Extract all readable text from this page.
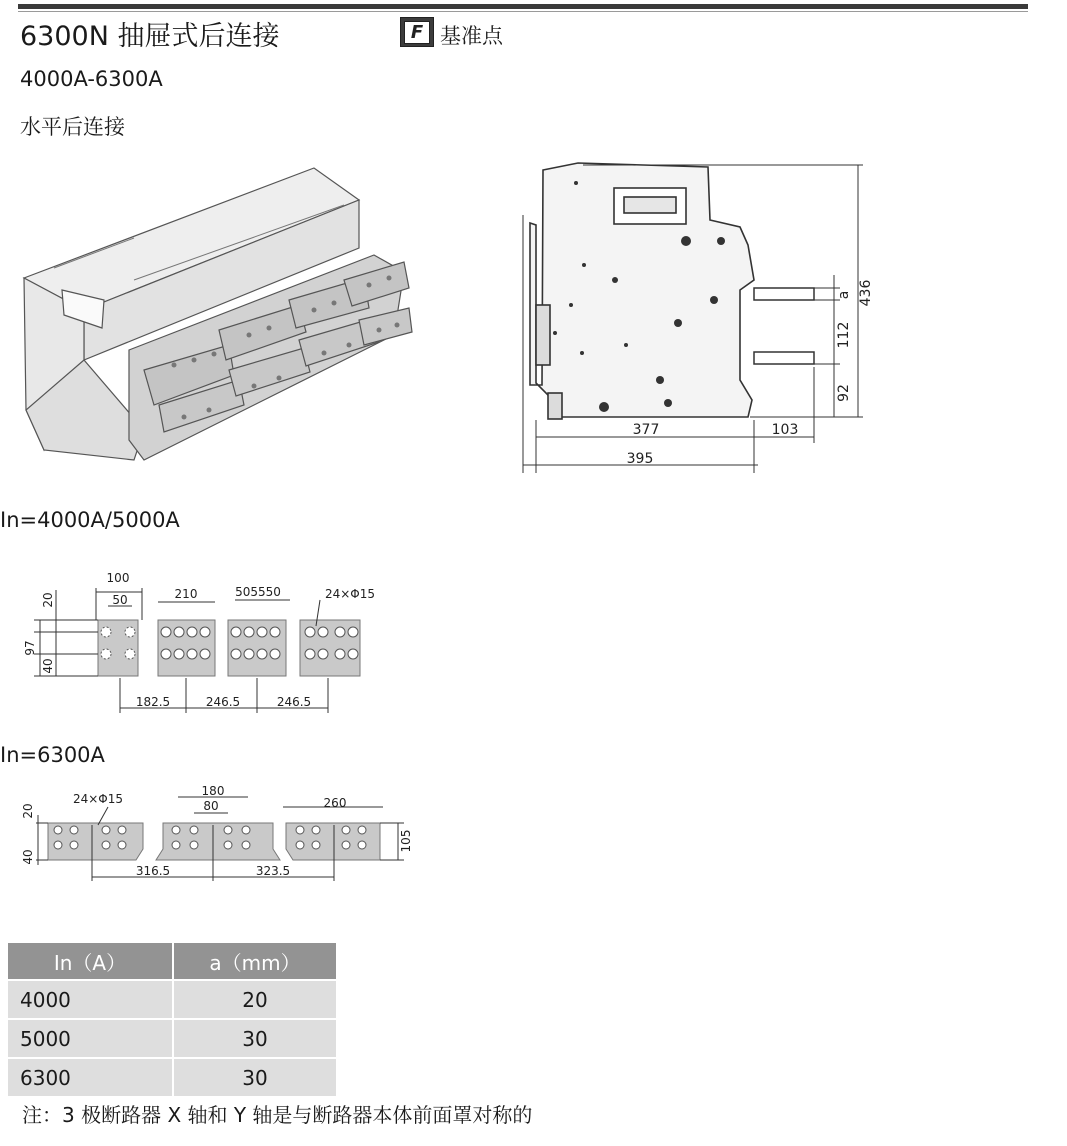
6300N 抽屉式后连接	F 基准点
4000A-6300A
水平后连接
a 436
112
92
377	103
395
In=4000A/5000A
100
50	210	505550	24×Φ15
20
97
40
182.5	246.5	246.5
In=6300A
24×Φ15
180
80	260
20
40
105
316.5	323.5
In（A）	a（mm）
4000	20
5000	30
6300	30
注：3 极断路器 X 轴和 Y 轴是与断路器本体前面罩对称的
